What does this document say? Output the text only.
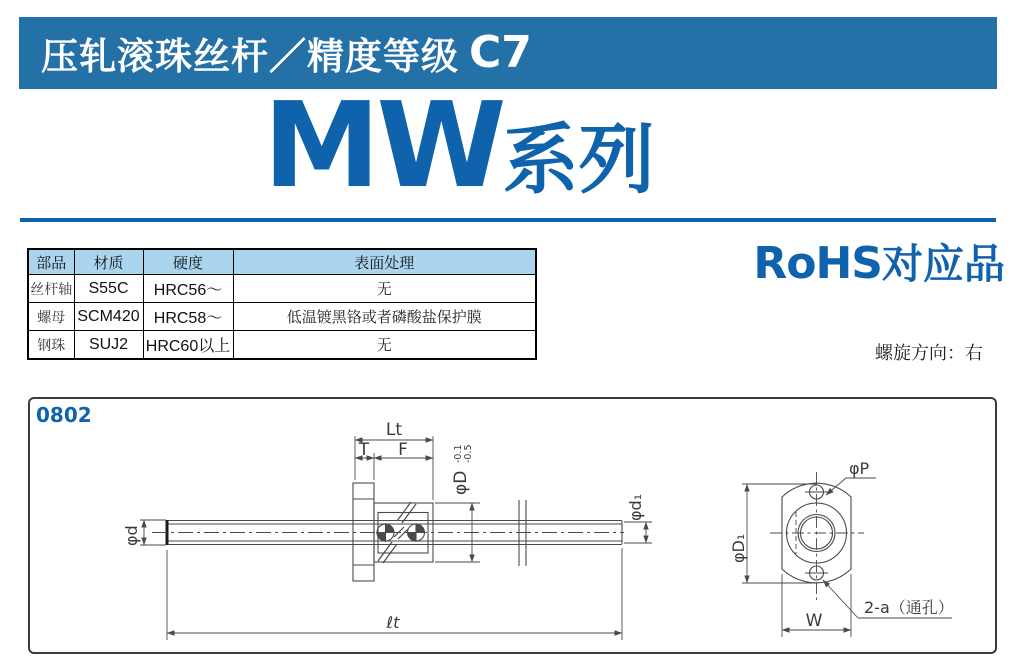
压轧滚珠丝杆／精度等级 C7
MW系列
部品	材质	硬度	表面处理
丝杆轴	S55C	HRC56～	无
螺母	SCM420	HRC58～	低温镀黑铬或者磷酸盐保护膜
钢珠	SUJ2	HRC60以上	无
RoHS对应品
螺旋方向：右
0802
Lt
T F
φD
-0.1 -0.5
φd
φd₁
ℓt
φD₁
W
φP
2-a（通孔）
